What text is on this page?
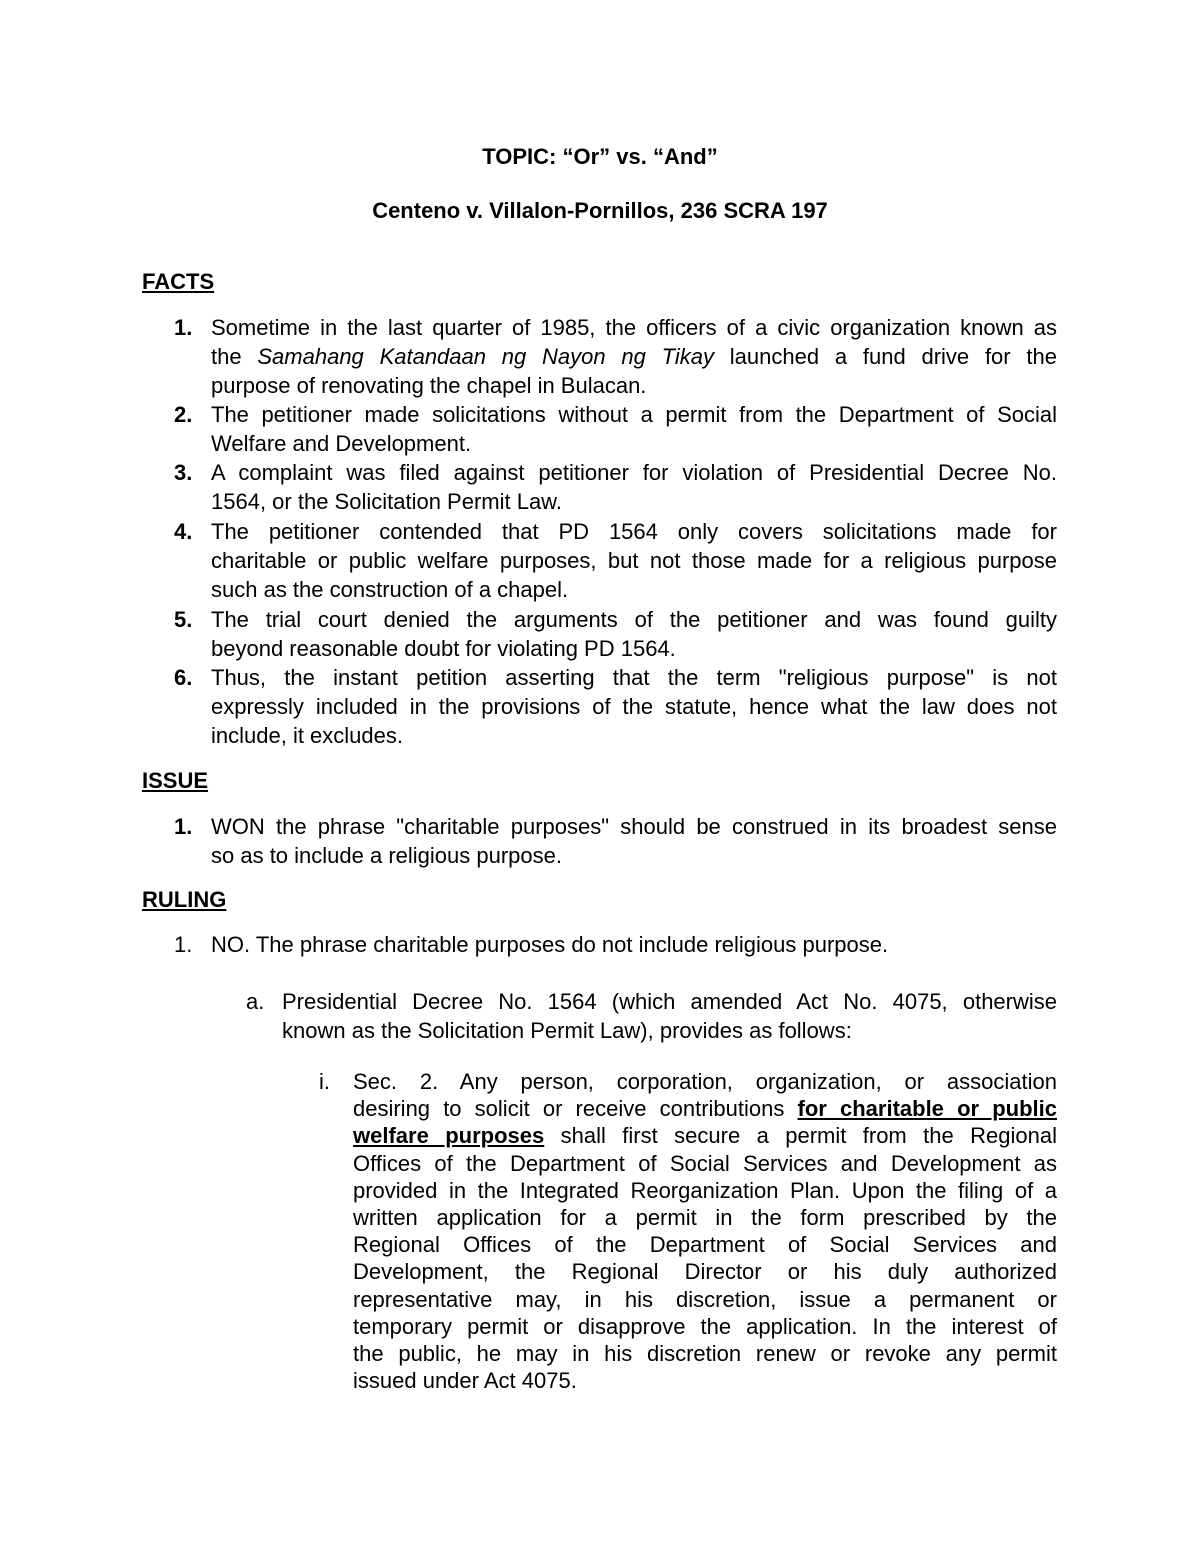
TOPIC: “Or” vs. “And”
Centeno v. Villalon-Pornillos, 236 SCRA 197
FACTS
1. Sometime in the last quarter of 1985, the officers of a civic organization known as
the Samahang Katandaan ng Nayon ng Tikay launched a fund drive for the
purpose of renovating the chapel in Bulacan.
2. The petitioner made solicitations without a permit from the Department of Social
Welfare and Development.
3. A complaint was filed against petitioner for violation of Presidential Decree No.
1564, or the Solicitation Permit Law.
4. The petitioner contended that PD 1564 only covers solicitations made for
charitable or public welfare purposes, but not those made for a religious purpose
such as the construction of a chapel.
5. The trial court denied the arguments of the petitioner and was found guilty
beyond reasonable doubt for violating PD 1564.
6. Thus, the instant petition asserting that the term "religious purpose" is not
expressly included in the provisions of the statute, hence what the law does not
include, it excludes.
ISSUE
1. WON the phrase "charitable purposes" should be construed in its broadest sense
so as to include a religious purpose.
RULING
1. NO. The phrase charitable purposes do not include religious purpose.
a. Presidential Decree No. 1564 (which amended Act No. 4075, otherwise
known as the Solicitation Permit Law), provides as follows:
i.	Sec. 2. Any person, corporation, organization, or association
desiring to solicit or receive contributions for charitable or public
welfare purposes shall first secure a permit from the Regional
Offices of the Department of Social Services and Development as
provided in the Integrated Reorganization Plan. Upon the filing of a
written application for a permit in the form prescribed by the
Regional Offices of the Department of Social Services and
Development, the Regional Director or his duly authorized
representative may, in his discretion, issue a permanent or
temporary permit or disapprove the application. In the interest of
the public, he may in his discretion renew or revoke any permit
issued under Act 4075.
